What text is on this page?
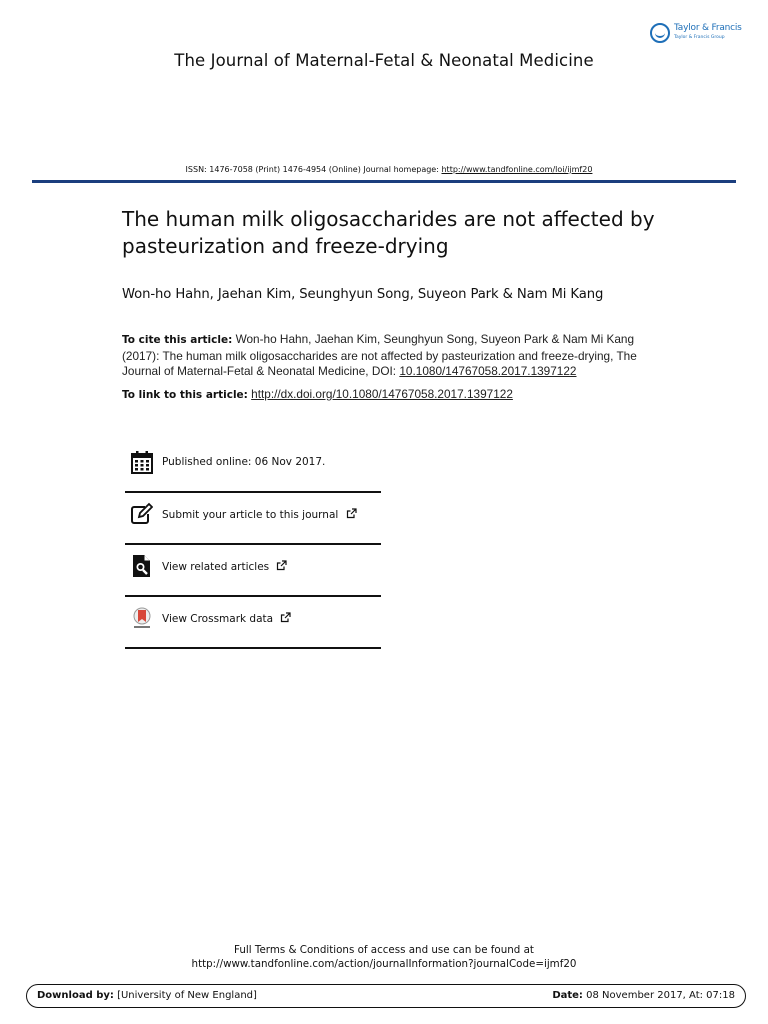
Taylor & Francis
Taylor & Francis Group
The Journal of Maternal-Fetal & Neonatal Medicine
ISSN: 1476-7058 (Print) 1476-4954 (Online) Journal homepage: http://www.tandfonline.com/loi/ijmf20
The human milk oligosaccharides are not affected by pasteurization and freeze-drying
Won-ho Hahn, Jaehan Kim, Seunghyun Song, Suyeon Park & Nam Mi Kang
To cite this article: Won-ho Hahn, Jaehan Kim, Seunghyun Song, Suyeon Park & Nam Mi Kang (2017): The human milk oligosaccharides are not affected by pasteurization and freeze-drying, The Journal of Maternal-Fetal & Neonatal Medicine, DOI: 10.1080/14767058.2017.1397122
To link to this article: http://dx.doi.org/10.1080/14767058.2017.1397122
Published online: 06 Nov 2017.
Submit your article to this journal
View related articles
View Crossmark data
Full Terms & Conditions of access and use can be found at
http://www.tandfonline.com/action/journalInformation?journalCode=ijmf20
Download by: [University of New England]	Date: 08 November 2017, At: 07:18
